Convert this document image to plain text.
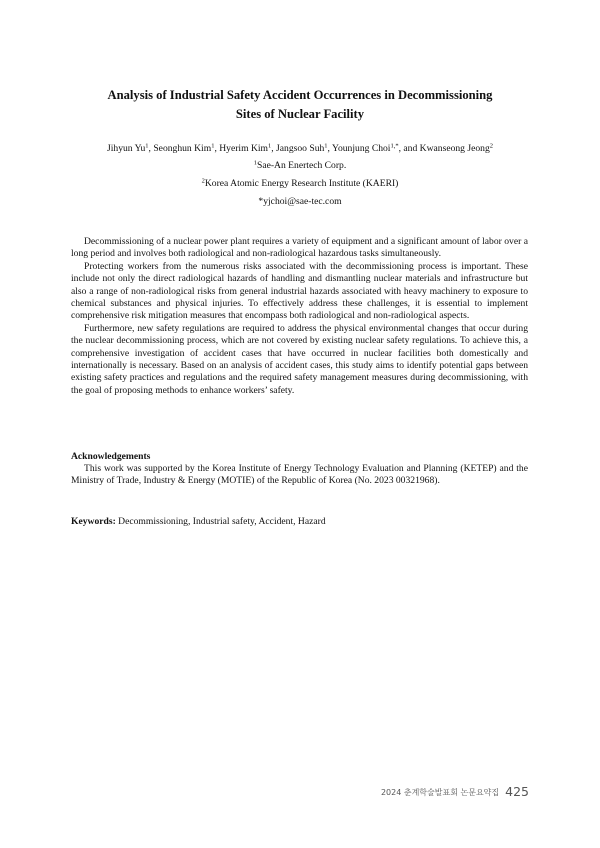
Analysis of Industrial Safety Accident Occurrences in Decommissioning
Sites of Nuclear Facility
Jihyun Yu$^1$, Seonghun Kim$^1$, Hyerim Kim$^1$, Jangsoo Suh$^1$, Younjung Choi$^{1,*}$, and Kwanseong Jeong$^2$
$^1$Sae-An Enertech Corp.
$^2$Korea Atomic Energy Research Institute (KAERI)
*yjchoi@sae-tec.com

Decommissioning of a nuclear power plant requires a variety of equipment and a significant amount of labor over a long period and involves both radiological and non-radiological hazardous tasks simultaneously.

Protecting workers from the numerous risks associated with the decommissioning process is important. These include not only the direct radiological hazards of handling and dismantling nuclear materials and infrastructure but also a range of non-radiological risks from general industrial hazards associated with heavy machinery to exposure to chemical substances and physical injuries. To effectively address these challenges, it is essential to implement comprehensive risk mitigation measures that encompass both radiological and non-radiological aspects.

Furthermore, new safety regulations are required to address the physical environmental changes that occur during the nuclear decommissioning process, which are not covered by existing nuclear safety regulations. To achieve this, a comprehensive investigation of accident cases that have occurred in nuclear facilities both domestically and internationally is necessary. Based on an analysis of accident cases, this study aims to identify potential gaps between existing safety practices and regulations and the required safety management measures during decommissioning, with the goal of proposing methods to enhance workers’ safety.

Acknowledgements

This work was supported by the Korea Institute of Energy Technology Evaluation and Planning (KETEP) and the Ministry of Trade, Industry & Energy (MOTIE) of the Republic of Korea (No. 2023 00321968).

Keywords: Decommissioning, Industrial safety, Accident, Hazard
2024 춘계학술발표회 논문요약집 425
